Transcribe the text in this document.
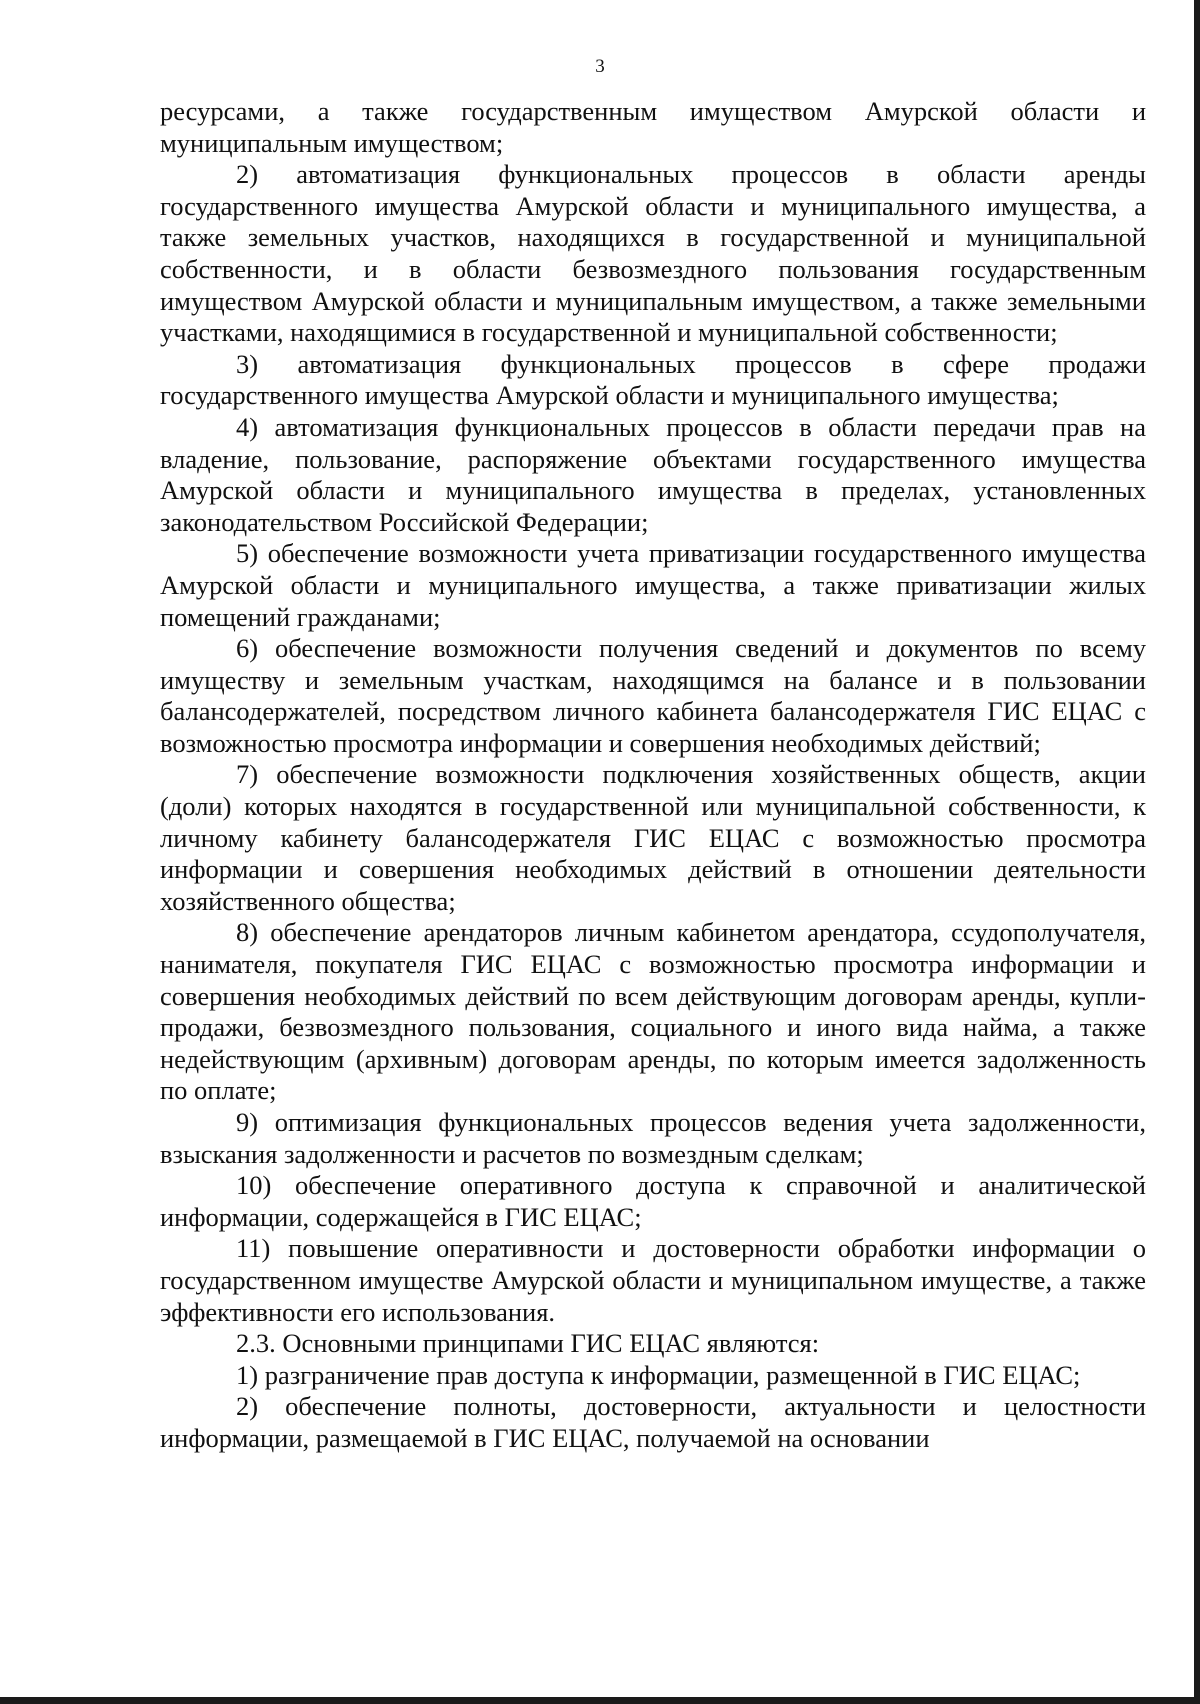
3

ресурсами, а также государственным имуществом Амурской области и муниципальным имуществом;

2) автоматизация функциональных процессов в области аренды государственного имущества Амурской области и муниципального имущества, а также земельных участков, находящихся в государственной и муниципальной собственности, и в области безвозмездного пользования государственным имуществом Амурской области и муниципальным имуществом, а также земельными участками, находящимися в государственной и муниципальной собственности;

3) автоматизация функциональных процессов в сфере продажи государственного имущества Амурской области и муниципального имущества;

4) автоматизация функциональных процессов в области передачи прав на владение, пользование, распоряжение объектами государственного имущества Амурской области и муниципального имущества в пределах, установленных законодательством Российской Федерации;

5) обеспечение возможности учета приватизации государственного имущества Амурской области и муниципального имущества, а также приватизации жилых помещений гражданами;

6) обеспечение возможности получения сведений и документов по всему имуществу и земельным участкам, находящимся на балансе и в пользовании балансодержателей, посредством личного кабинета балансодержателя ГИС ЕЦАС с возможностью просмотра информации и совершения необходимых действий;

7) обеспечение возможности подключения хозяйственных обществ, акции (доли) которых находятся в государственной или муниципальной собственности, к личному кабинету балансодержателя ГИС ЕЦАС с возможностью просмотра информации и совершения необходимых действий в отношении деятельности хозяйственного общества;

8) обеспечение арендаторов личным кабинетом арендатора, ссудополучателя, нанимателя, покупателя ГИС ЕЦАС с возможностью просмотра информации и совершения необходимых действий по всем действующим договорам аренды, купли-продажи, безвозмездного пользования, социального и иного вида найма, а также недействующим (архивным) договорам аренды, по которым имеется задолженность по оплате;

9) оптимизация функциональных процессов ведения учета задолженности, взыскания задолженности и расчетов по возмездным сделкам;

10) обеспечение оперативного доступа к справочной и аналитической информации, содержащейся в ГИС ЕЦАС;

11) повышение оперативности и достоверности обработки информации о государственном имуществе Амурской области и муниципальном имуществе, а также эффективности его использования.

2.3. Основными принципами ГИС ЕЦАС являются:

1) разграничение прав доступа к информации, размещенной в ГИС ЕЦАС;

2) обеспечение полноты, достоверности, актуальности и целостности информации, размещаемой в ГИС ЕЦАС, получаемой на основании
